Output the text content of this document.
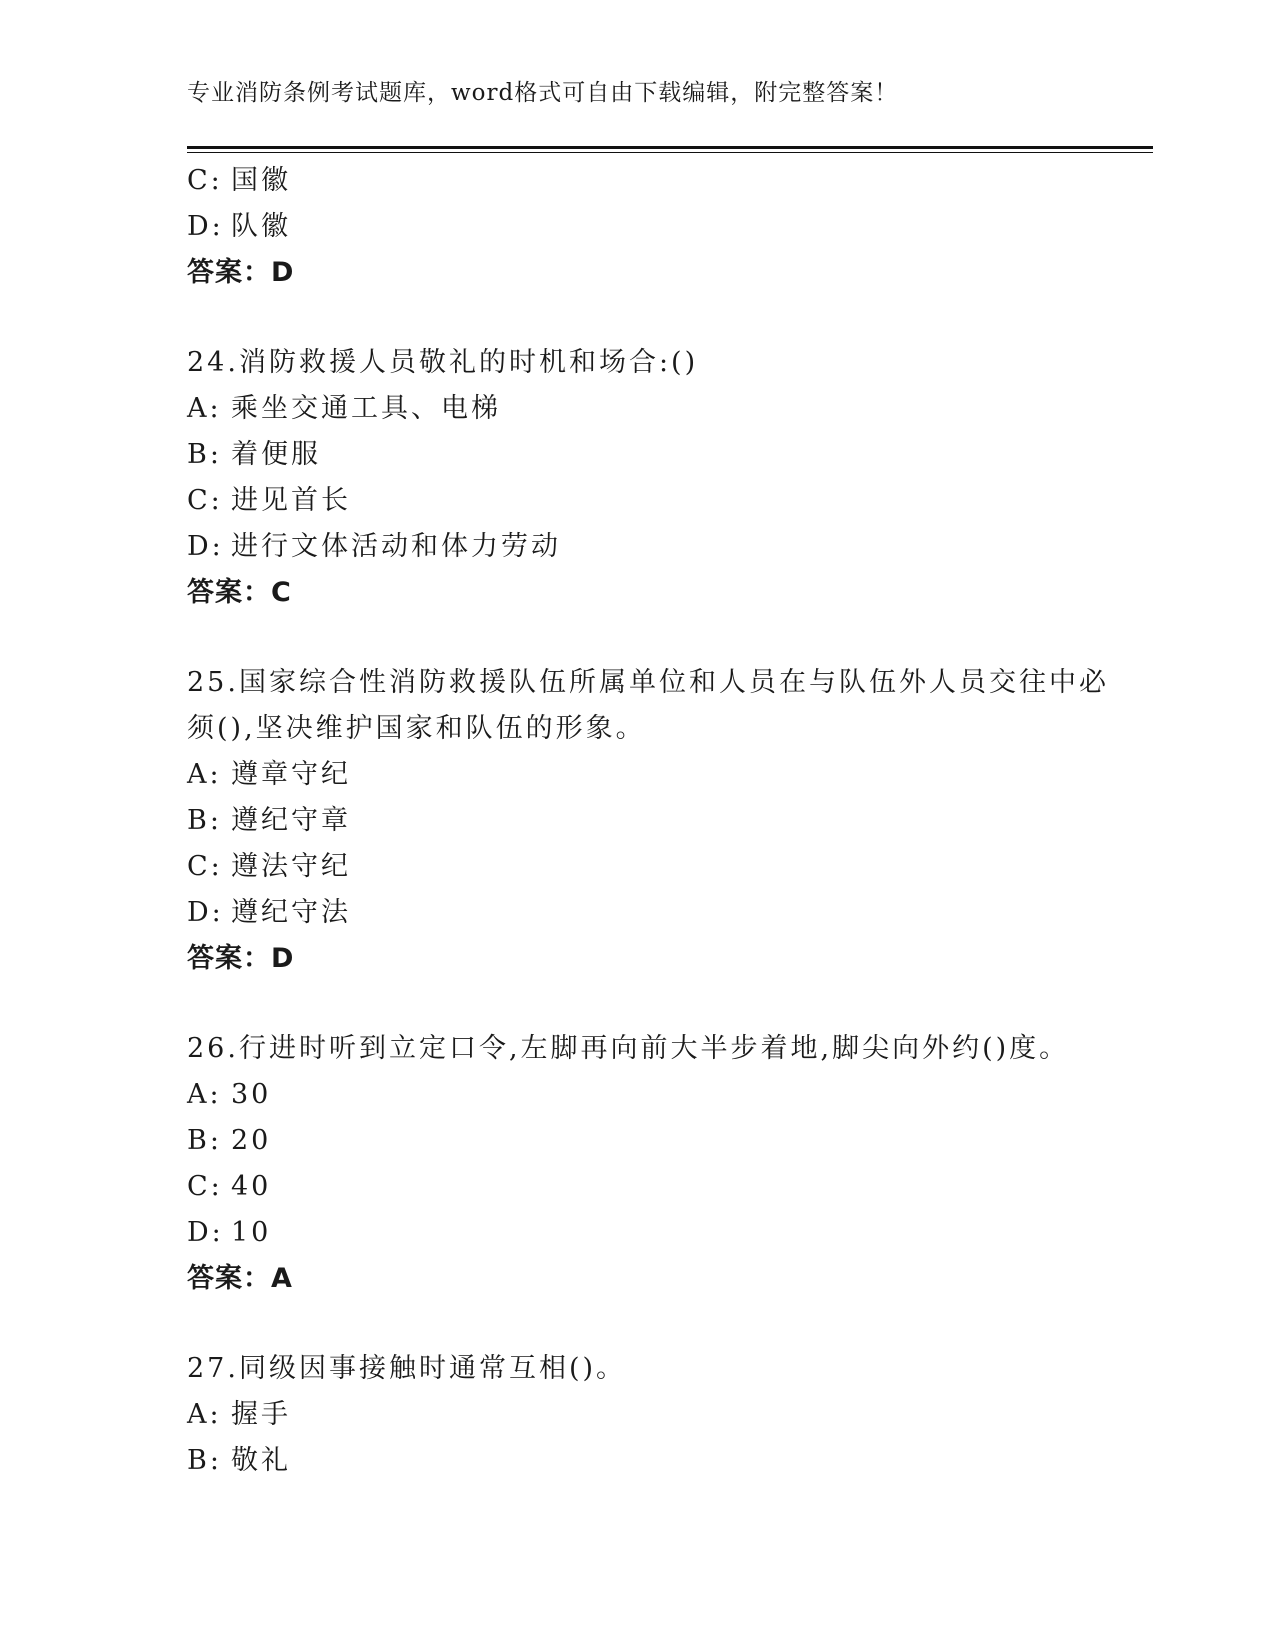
专业消防条例考试题库，word格式可自由下载编辑，附完整答案！
C: 国徽
D: 队徽
答案：D
24.消防救援人员敬礼的时机和场合:()
A: 乘坐交通工具、电梯
B: 着便服
C: 进见首长
D: 进行文体活动和体力劳动
答案：C
25.国家综合性消防救援队伍所属单位和人员在与队伍外人员交往中必
须(),坚决维护国家和队伍的形象。
A: 遵章守纪
B: 遵纪守章
C: 遵法守纪
D: 遵纪守法
答案：D
26.行进时听到立定口令,左脚再向前大半步着地,脚尖向外约()度。
A: 30
B: 20
C: 40
D: 10
答案：A
27.同级因事接触时通常互相()。
A: 握手
B: 敬礼
